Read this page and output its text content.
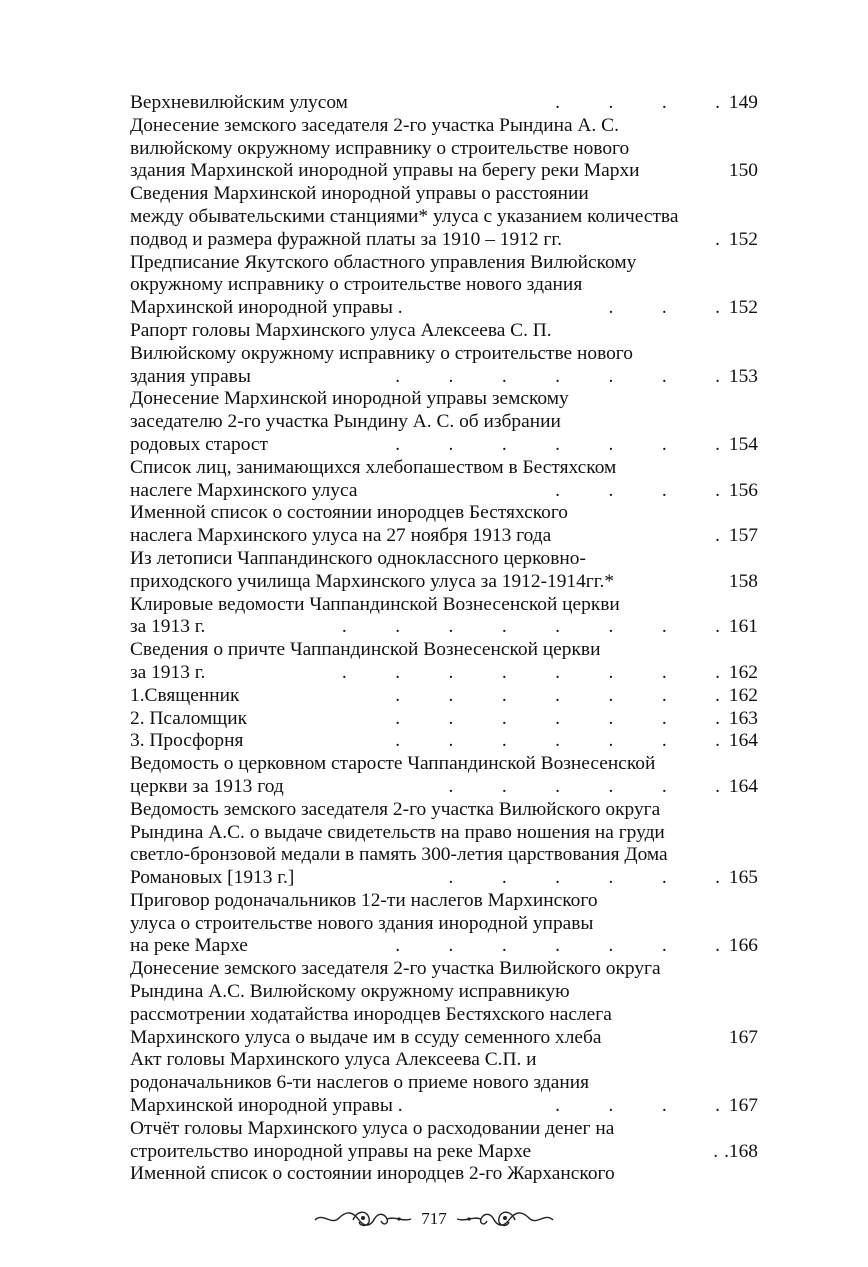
Верхневилюйским улусом	.          .          .          . 149
Донесение земского заседателя 2-го участка Рындина А. С.
вилюйскому окружному исправнику о строительстве нового
здания Мархинской инородной управы на берегу реки Мархи	150
Сведения Мархинской инородной управы о расстоянии
между обывательскими станциями* улуса с указанием количества
подвод и размера фуражной платы за 1910 – 1912 гг.	. 152
Предписание Якутского областного управления Вилюйскому
окружному исправнику о строительстве нового здания
Мархинской инородной управы .	.          .          . 152
Рапорт головы Мархинского улуса Алексеева С. П.
Вилюйскому окружному исправнику о строительстве нового
здания управы	.          .          .          .          .          .          . 153
Донесение Мархинской инородной управы земскому
заседателю 2-го участка Рындину А. С. об избрании
родовых старост	.          .          .          .          .          .          . 154
Список лиц, занимающихся хлебопашеством в Бестяхском
наслеге Мархинского улуса	.          .          .          . 156
Именной список о состоянии инородцев Бестяхского
наслега Мархинского улуса на 27 ноября 1913 года	. 157
Из летописи Чаппандинского одноклассного церковно-
приходского училища Мархинского улуса за 1912-1914гг.*	158
Клировые ведомости Чаппандинской Вознесенской церкви
за 1913 г.	.          .          .          .          .          .          .          . 161
Сведения о причте Чаппандинской Вознесенской церкви
за 1913 г.	.          .          .          .          .          .          .          . 162
1.Священник	.          .          .          .          .          .          . 162
2. Псаломщик	.          .          .          .          .          .          . 163
3. Просфорня	.          .          .          .          .          .          . 164
Ведомость о церковном старосте Чаппандинской Вознесенской
церкви за 1913 год	.          .          .          .          .          . 164
Ведомость земского заседателя 2-го участка Вилюйского округа
Рындина А.С. о выдаче свидетельств на право ношения на груди
светло-бронзовой медали в память 300-летия царствования Дома
Романовых [1913 г.]	.          .          .          .          .          . 165
Приговор родоначальников 12-ти наслегов Мархинского
улуса о строительстве нового здания инородной управы
на реке Мархе	.          .          .          .          .          .          . 166
Донесение земского заседателя 2-го участка Вилюйского округа
Рындина А.С. Вилюйскому окружному исправникую
рассмотрении ходатайства инородцев Бестяхского наслега
Мархинского улуса о выдаче им в ссуду семенного хлеба	167
Акт головы Мархинского улуса Алексеева С.П. и
родоначальников 6-ти наслегов о приеме нового здания
Мархинской инородной управы .	.          .          .          . 167
Отчёт головы Мархинского улуса о расходовании денег на
строительство инородной управы на реке Мархе	. .168
Именной список о состоянии инородцев 2-го Жарханского
717
